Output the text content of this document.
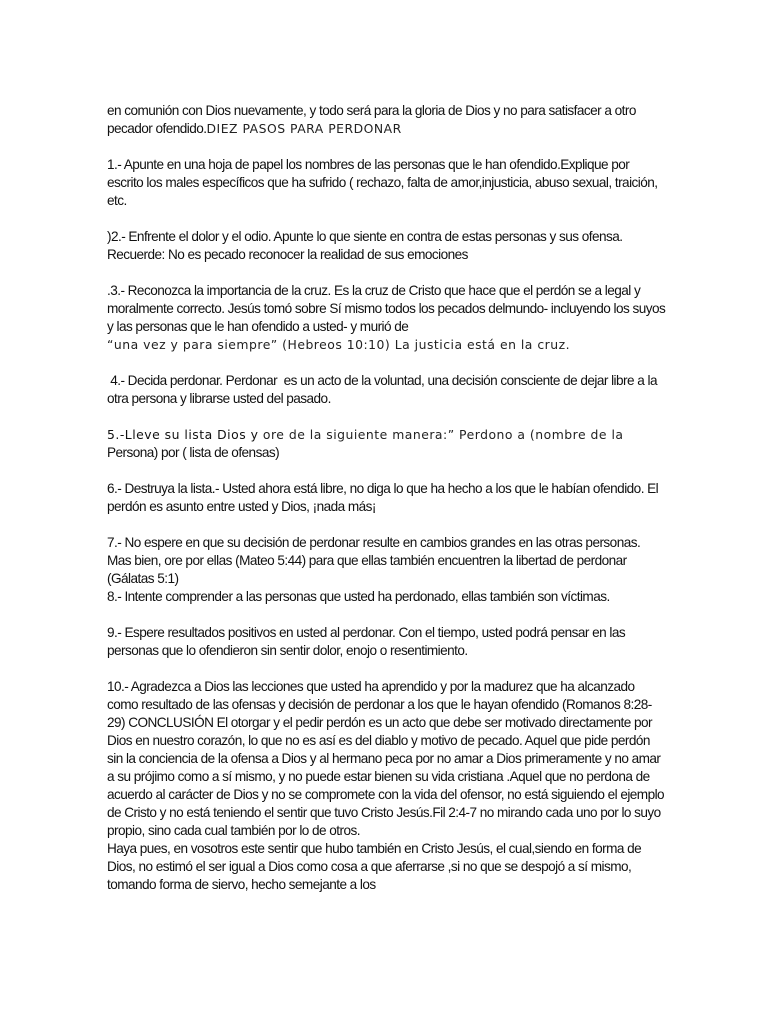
en comunión con Dios nuevamente, y todo será para la gloria de Dios y no para satisfacer a otro pecador ofendido.DIEZ PASOS PARA PERDONAR

1.- Apunte en una hoja de papel los nombres de las personas que le han ofendido.Explique por escrito los males específicos que ha sufrido ( rechazo, falta de amor,injusticia, abuso sexual, traición, etc.

)2.- Enfrente el dolor y el odio. Apunte lo que siente en contra de estas personas y sus ofensa. Recuerde: No es pecado reconocer la realidad de sus emociones

.3.- Reconozca la importancia de la cruz. Es la cruz de Cristo que hace que el perdón se a legal y moralmente correcto. Jesús tomó sobre Sí mismo todos los pecados delmundo- incluyendo los suyos y las personas que le han ofendido a usted- y murió de
“una vez y para siempre” (Hebreos 10:10) La justicia está en la cruz.

4.- Decida perdonar. Perdonar  es un acto de la voluntad, una decisión consciente de dejar libre a la otra persona y librarse usted del pasado.

5.-Lleve su lista Dios y ore de la siguiente manera:” Perdono a (nombre de la
Persona) por ( lista de ofensas)

6.- Destruya la lista.- Usted ahora está libre, no diga lo que ha hecho a los que le habían ofendido. El perdón es asunto entre usted y Dios, ¡nada más¡

7.- No espere en que su decisión de perdonar resulte en cambios grandes en las otras personas. Mas bien, ore por ellas (Mateo 5:44) para que ellas también encuentren la libertad de perdonar (Gálatas 5:1)

8.- Intente comprender a las personas que usted ha perdonado, ellas también son víctimas.

9.- Espere resultados positivos en usted al perdonar. Con el tiempo, usted podrá pensar en las personas que lo ofendieron sin sentir dolor, enojo o resentimiento.

10.- Agradezca a Dios las lecciones que usted ha aprendido y por la madurez que ha alcanzado como resultado de las ofensas y decisión de perdonar a los que le hayan ofendido (Romanos 8:28-29) CONCLUSIÓN El otorgar y el pedir perdón es un acto que debe ser motivado directamente por Dios en nuestro corazón, lo que no es así es del diablo y motivo de pecado. Aquel que pide perdón sin la conciencia de la ofensa a Dios y al hermano peca por no amar a Dios primeramente y no amar a su prójimo como a sí mismo, y no puede estar bienen su vida cristiana .Aquel que no perdona de acuerdo al carácter de Dios y no se compromete con la vida del ofensor, no está siguiendo el ejemplo de Cristo y no está teniendo el sentir que tuvo Cristo Jesús.Fil 2:4-7 no mirando cada uno por lo suyo propio, sino cada cual también por lo de otros.

Haya pues, en vosotros este sentir que hubo también en Cristo Jesús, el cual,siendo en forma de Dios, no estimó el ser igual a Dios como cosa a que aferrarse ,si no que se despojó a sí mismo, tomando forma de siervo, hecho semejante a los
